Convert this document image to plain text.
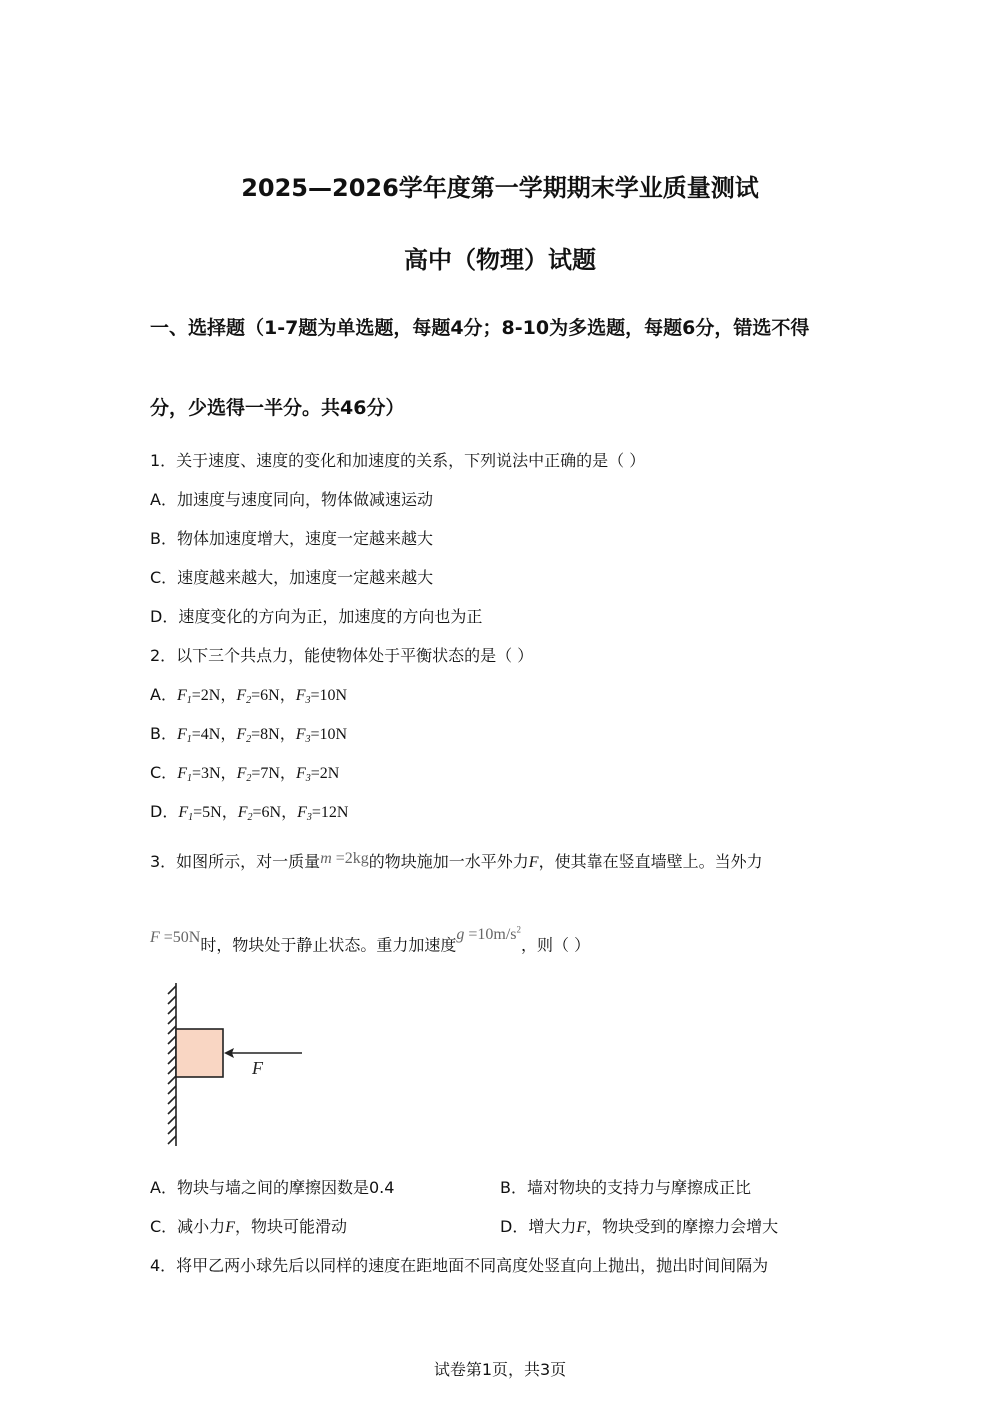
2025—2026学年度第一学期期末学业质量测试
高中（物理）试题
一、选择题（1-7题为单选题，每题4分；8-10为多选题，每题6分，错选不得
分，少选得一半分。共46分）
1．关于速度、速度的变化和加速度的关系，下列说法中正确的是（ ）
A．加速度与速度同向，物体做减速运动
B．物体加速度增大，速度一定越来越大
C．速度越来越大，加速度一定越来越大
D．速度变化的方向为正，加速度的方向也为正
2．以下三个共点力，能使物体处于平衡状态的是（ ）
A．$F_1=2N$，$F_2=6N$，$F_3=10N$
B．$F_1=4N$，$F_2=8N$，$F_3=10N$
C．$F_1=3N$，$F_2=7N$，$F_3=2N$
D．$F_1=5N$，$F_2=6N$，$F_3=12N$
3．如图所示，对一质量m =2kg的物块施加一水平外力F，使其靠在竖直墙壁上。当外力
F =50N时，物块处于静止状态。重力加速度$g =10m/s^2$，则（ ）
F
A．物块与墙之间的摩擦因数是0.4	B．墙对物块的支持力与摩擦成正比
C．减小力F，物块可能滑动	D．增大力F，物块受到的摩擦力会增大
4．将甲乙两小球先后以同样的速度在距地面不同高度处竖直向上抛出，抛出时间间隔为
试卷第1页，共3页
